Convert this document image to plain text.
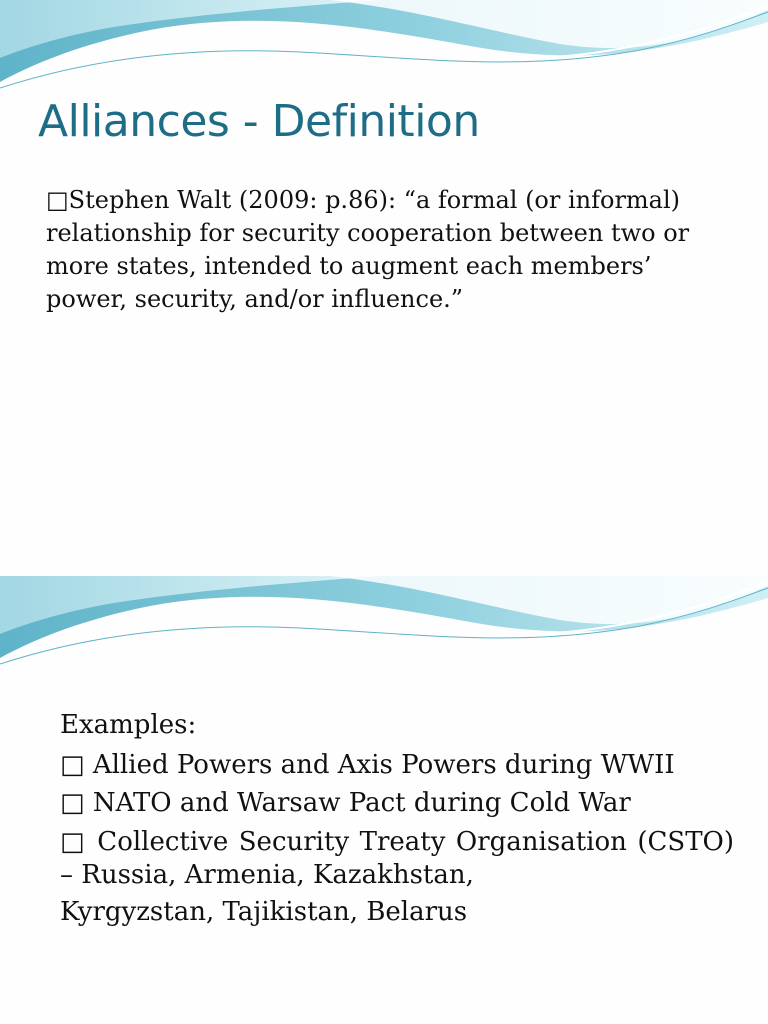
Alliances - Definition

□Stephen Walt (2009: p.86): “a formal (or informal) relationship for security cooperation between two or more states, intended to augment each members’ power, security, and/or influence.”

Examples:
□ Allied Powers and Axis Powers during WWII
□ NATO and Warsaw Pact during Cold War
□ Collective Security Treaty Organisation (CSTO) – Russia, Armenia, Kazakhstan,
Kyrgyzstan, Tajikistan, Belarus
